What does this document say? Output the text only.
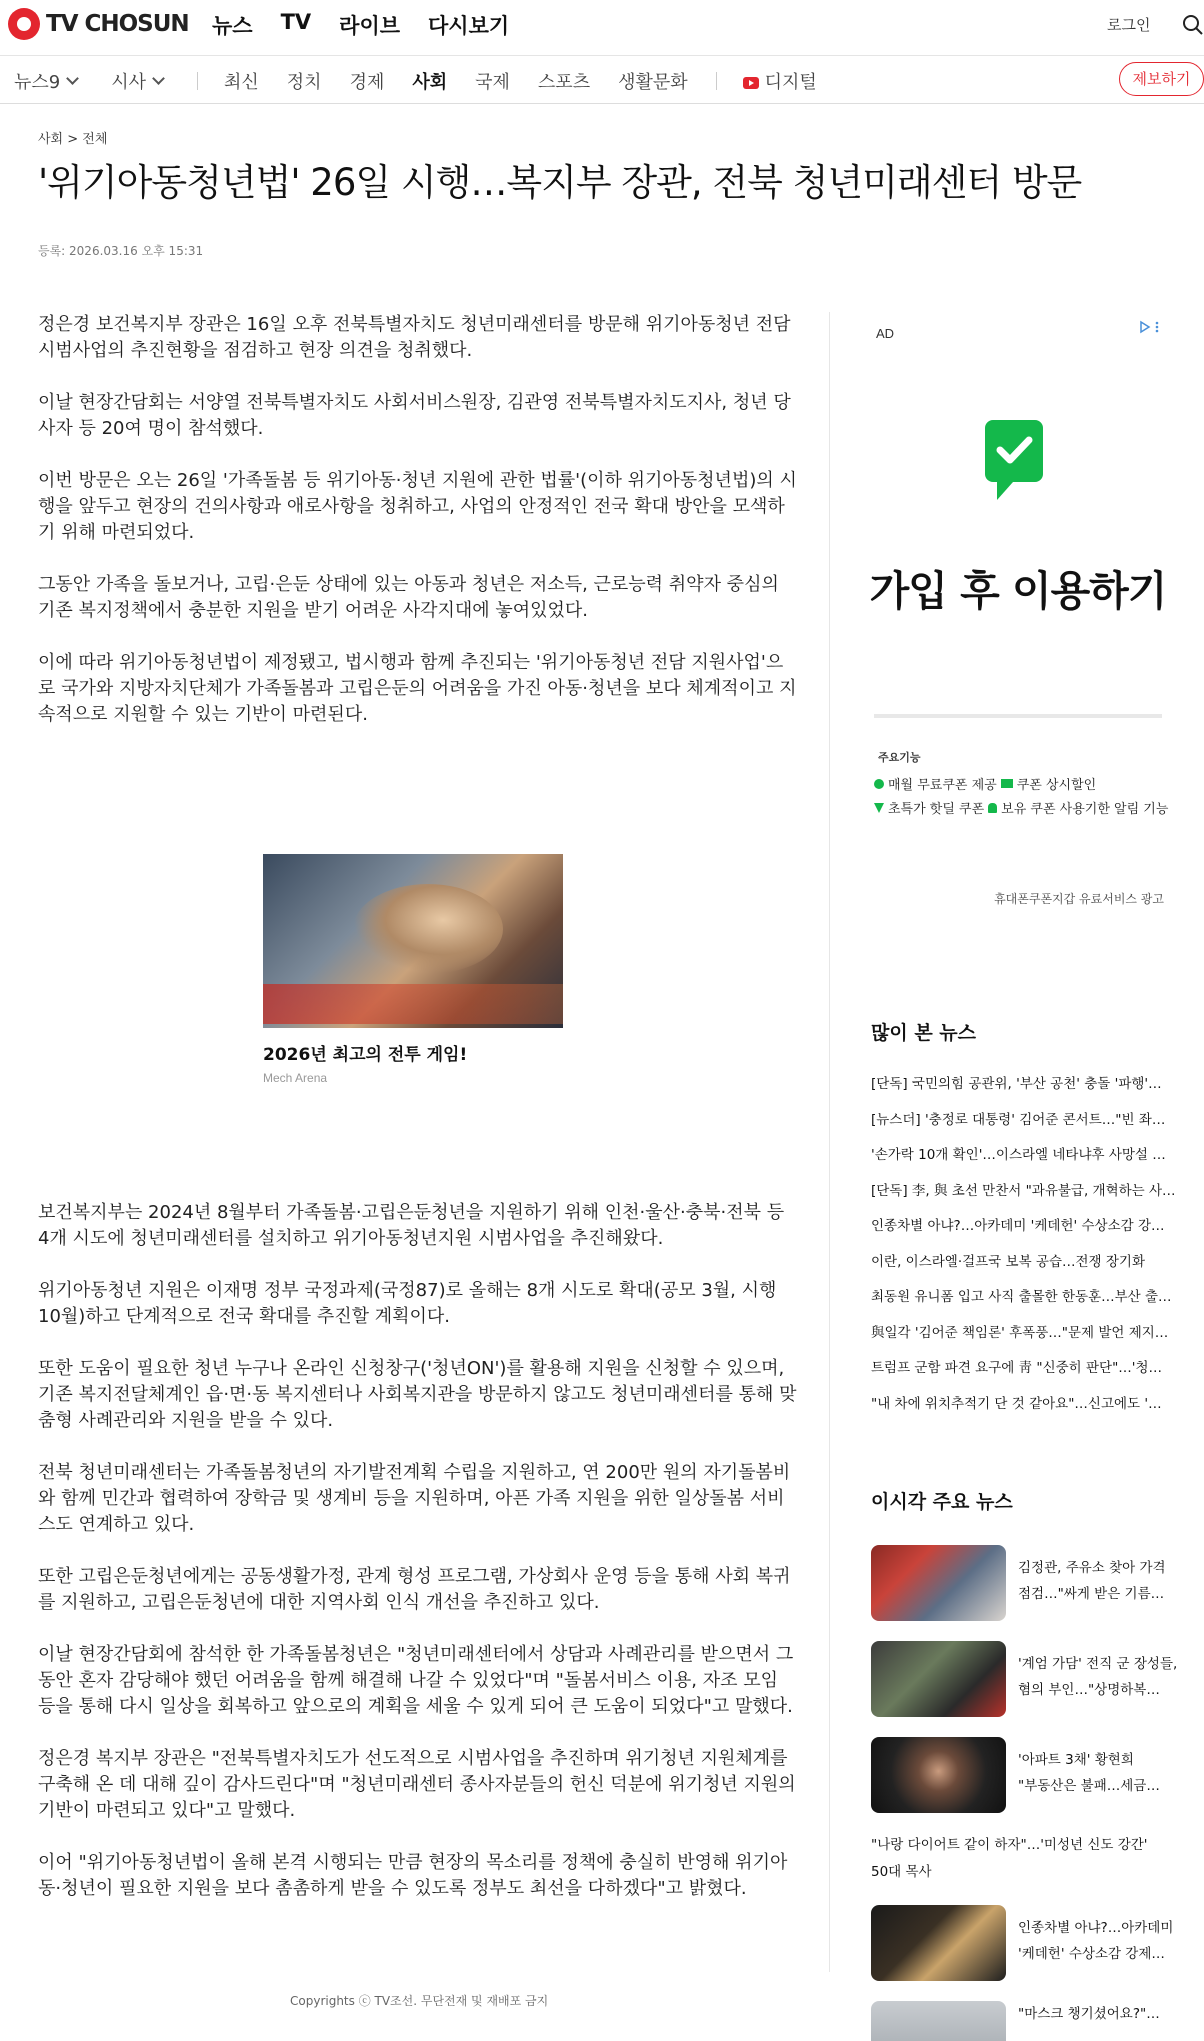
TV CHOSUN 뉴스 TV 라이브 다시보기	로그인
뉴스9	시사	최신 정치 경제 사회 국제 스포츠 생활문화	디지털	제보하기
사회 > 전체
'위기아동청년법' 26일 시행…복지부 장관, 전북 청년미래센터 방문
등록: 2026.03.16 오후 15:31

정은경 보건복지부 장관은 16일 오후 전북특별자치도 청년미래센터를 방문해 위기아동청년 전담 시범사업의 추진현황을 점검하고 현장 의견을 청취했다.

이날 현장간담회는 서양열 전북특별자치도 사회서비스원장, 김관영 전북특별자치도지사, 청년 당사자 등 20여 명이 참석했다.

이번 방문은 오는 26일 '가족돌봄 등 위기아동·청년 지원에 관한 법률'(이하 위기아동청년법)의 시행을 앞두고 현장의 건의사항과 애로사항을 청취하고, 사업의 안정적인 전국 확대 방안을 모색하기 위해 마련되었다.

그동안 가족을 돌보거나, 고립·은둔 상태에 있는 아동과 청년은 저소득, 근로능력 취약자 중심의 기존 복지정책에서 충분한 지원을 받기 어려운 사각지대에 놓여있었다.

이에 따라 위기아동청년법이 제정됐고, 법시행과 함께 추진되는 '위기아동청년 전담 지원사업'으로 국가와 지방자치단체가 가족돌봄과 고립은둔의 어려움을 가진 아동·청년을 보다 체계적이고 지속적으로 지원할 수 있는 기반이 마련된다.

2026년 최고의 전투 게임!
Mech Arena

보건복지부는 2024년 8월부터 가족돌봄·고립은둔청년을 지원하기 위해 인천·울산·충북·전북 등 4개 시도에 청년미래센터를 설치하고 위기아동청년지원 시범사업을 추진해왔다.

위기아동청년 지원은 이재명 정부 국정과제(국정87)로 올해는 8개 시도로 확대(공모 3월, 시행 10월)하고 단계적으로 전국 확대를 추진할 계획이다.

또한 도움이 필요한 청년 누구나 온라인 신청창구('청년ON')를 활용해 지원을 신청할 수 있으며, 기존 복지전달체계인 읍·면·동 복지센터나 사회복지관을 방문하지 않고도 청년미래센터를 통해 맞춤형 사례관리와 지원을 받을 수 있다.

전북 청년미래센터는 가족돌봄청년의 자기발전계획 수립을 지원하고, 연 200만 원의 자기돌봄비와 함께 민간과 협력하여 장학금 및 생계비 등을 지원하며, 아픈 가족 지원을 위한 일상돌봄 서비스도 연계하고 있다.

또한 고립은둔청년에게는 공동생활가정, 관계 형성 프로그램, 가상회사 운영 등을 통해 사회 복귀를 지원하고, 고립은둔청년에 대한 지역사회 인식 개선을 추진하고 있다.

이날 현장간담회에 참석한 한 가족돌봄청년은 "청년미래센터에서 상담과 사례관리를 받으면서 그동안 혼자 감당해야 했던 어려움을 함께 해결해 나갈 수 있었다"며 "돌봄서비스 이용, 자조 모임 등을 통해 다시 일상을 회복하고 앞으로의 계획을 세울 수 있게 되어 큰 도움이 되었다"고 말했다.

정은경 복지부 장관은 "전북특별자치도가 선도적으로 시범사업을 추진하며 위기청년 지원체계를 구축해 온 데 대해 깊이 감사드린다"며 "청년미래센터 종사자분들의 헌신 덕분에 위기청년 지원의 기반이 마련되고 있다"고 말했다.

이어 "위기아동청년법이 올해 본격 시행되는 만큼 현장의 목소리를 정책에 충실히 반영해 위기아동·청년이 필요한 지원을 보다 촘촘하게 받을 수 있도록 정부도 최선을 다하겠다"고 밝혔다.

Copyrights ⓒ TV조선. 무단전재 및 재배포 금지
AD
가입 후 이용하기
주요기능
매월 무료쿠폰 제공 쿠폰 상시할인
초특가 핫딜 쿠폰 보유 쿠폰 사용기한 알림 기능
휴대폰쿠폰지갑 유료서비스 광고
많이 본 뉴스
[단독] 국민의힘 공관위, '부산 공천' 충돌 '파행'…
[뉴스더] '충정로 대통령' 김어준 콘서트…"빈 좌…
'손가락 10개 확인'…이스라엘 네타냐후 사망설 …
[단독] 李, 與 초선 만찬서 "과유불급, 개혁하는 사…
인종차별 아냐?…아카데미 '케데헌' 수상소감 강…
이란, 이스라엘·걸프국 보복 공습…전쟁 장기화
최동원 유니폼 입고 사직 출몰한 한동훈…부산 출…
與일각 '김어준 책임론' 후폭풍…"문제 발언 제지…
트럼프 군함 파견 요구에 靑 "신중히 판단"…'청…
"내 차에 위치추적기 단 것 같아요"…신고에도 '…
이시각 주요 뉴스
김정관, 주유소 찾아 가격
점검…"싸게 받은 기름…
'계엄 가담' 전직 군 장성들,
혐의 부인…"상명하복…
'아파트 3채' 황현희
"부동산은 불패…세금…
"나랑 다이어트 같이 하자"…'미성년 신도 강간'
50대 목사
인종차별 아냐?…아카데미
'케데헌' 수상소감 강제…
"마스크 챙기셨어요?"…
